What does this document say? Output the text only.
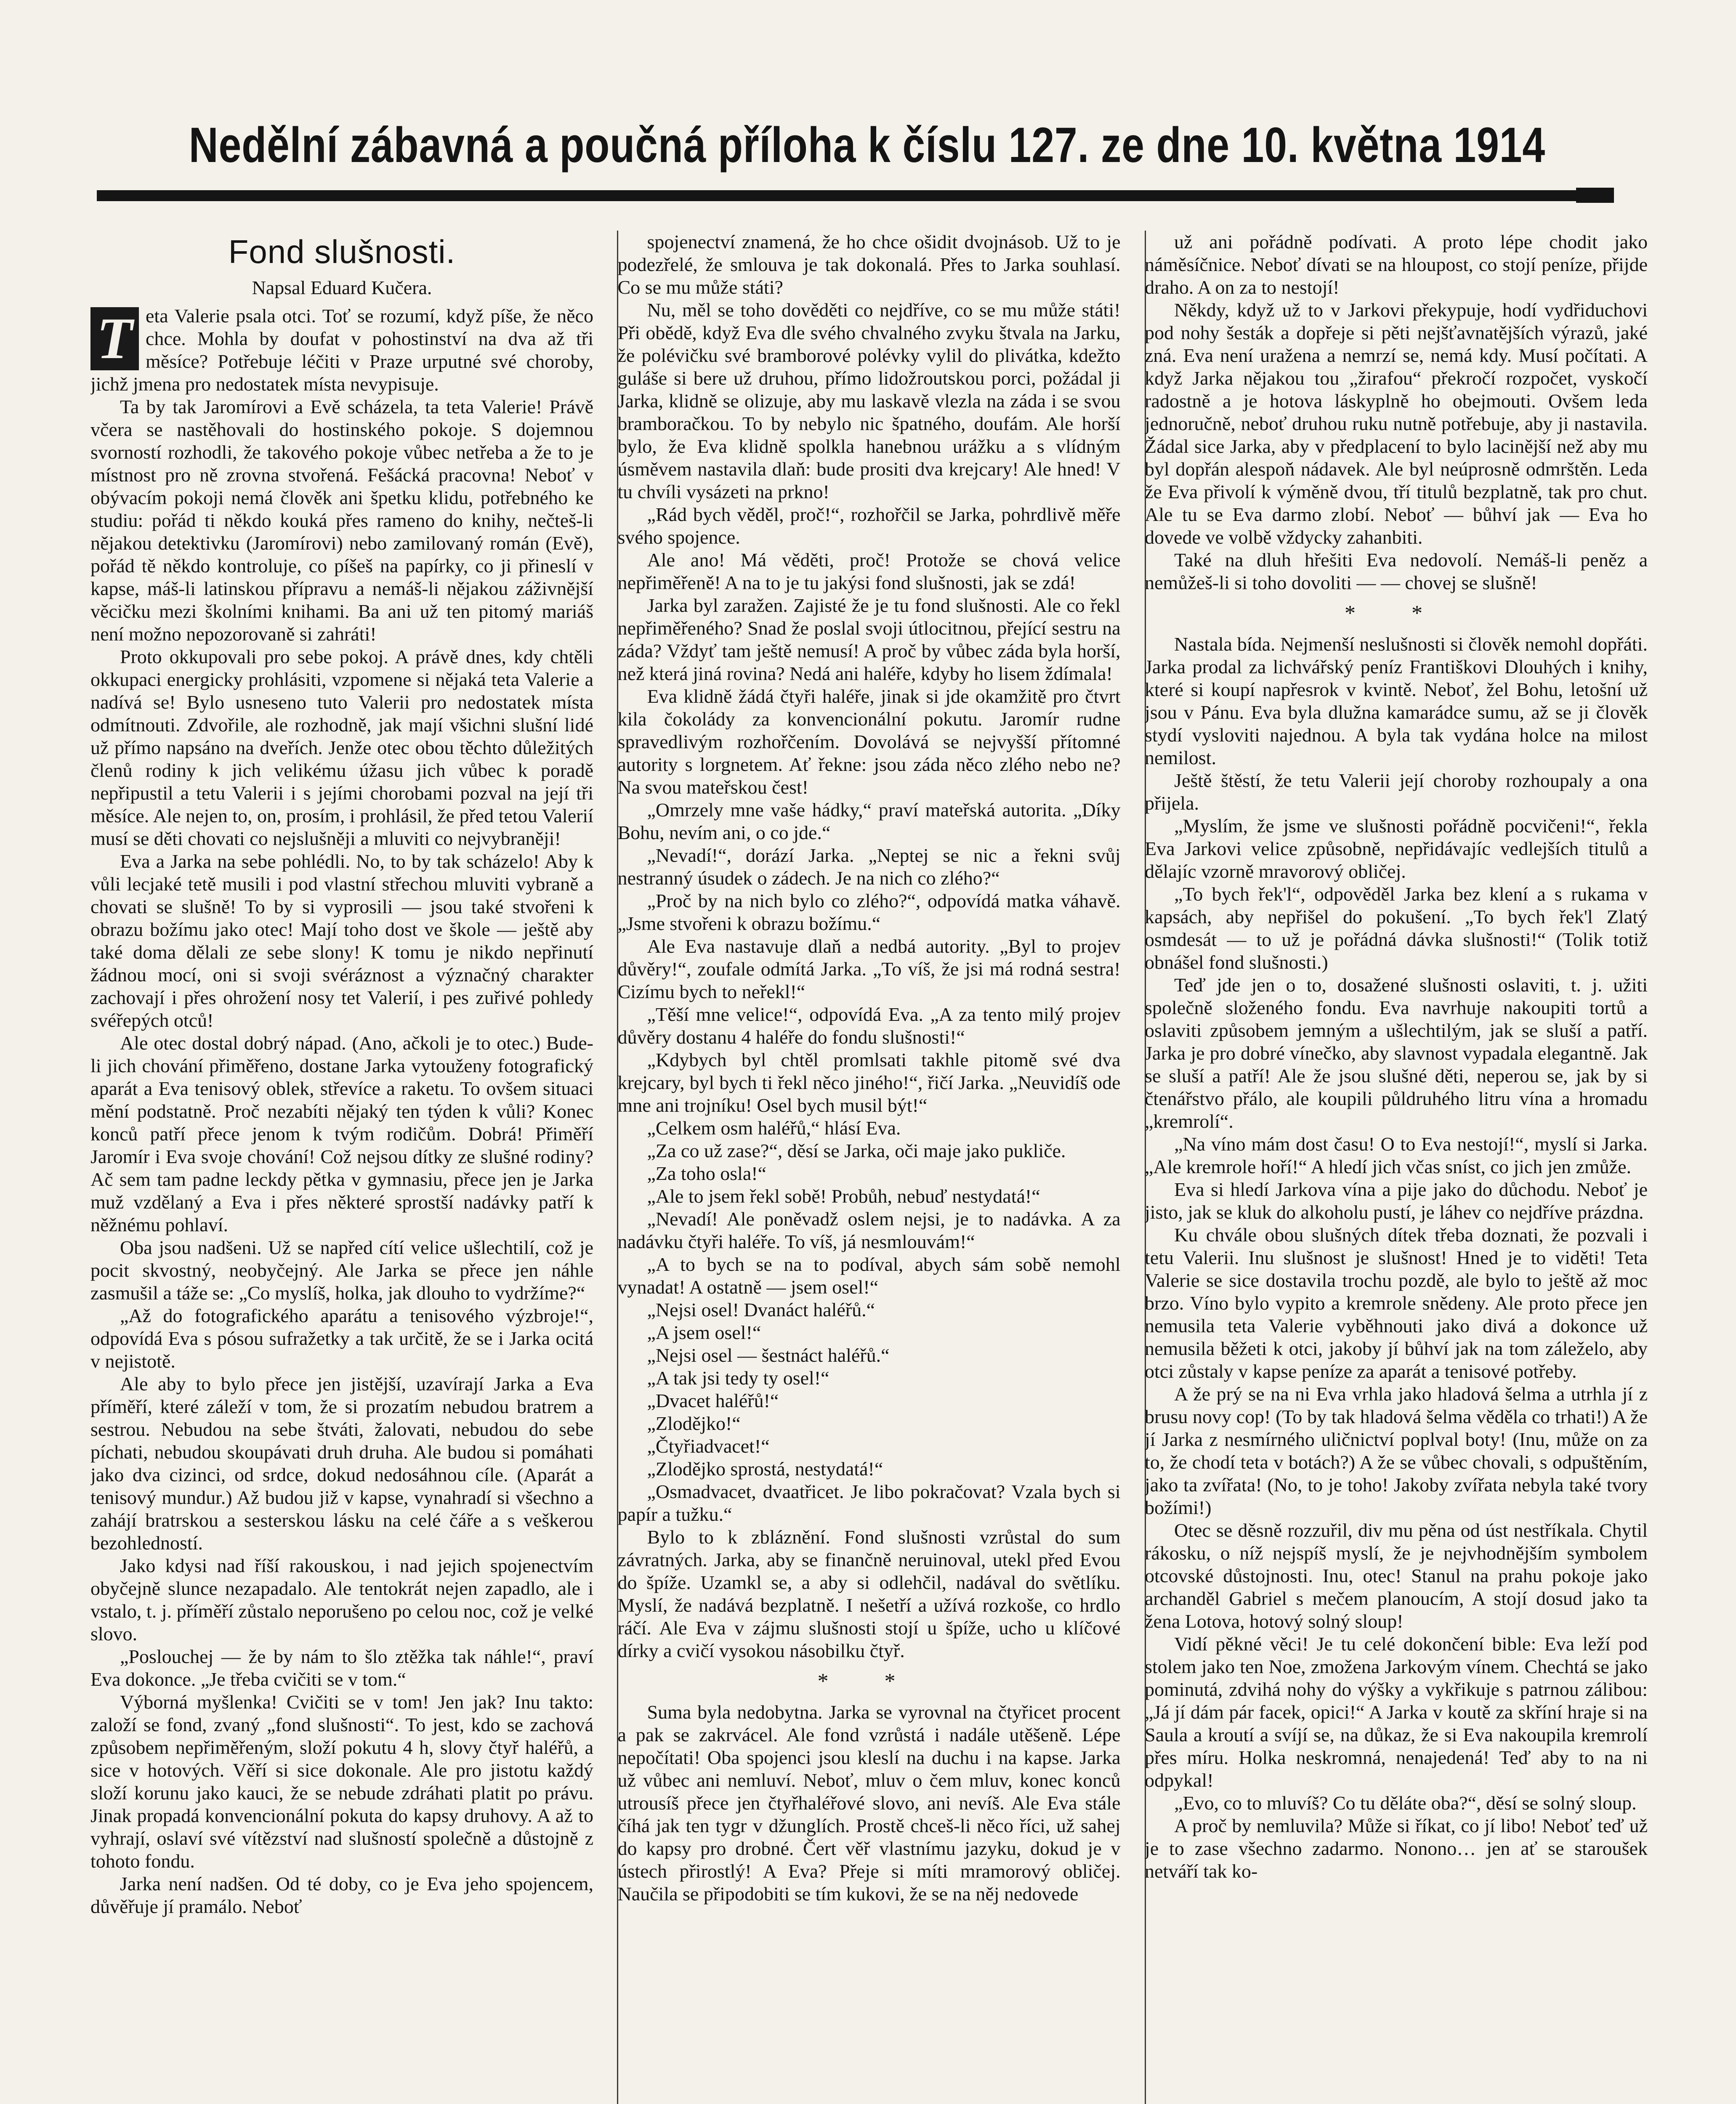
Nedělní zábavná a poučná příloha k číslu 127. ze dne 10. května 1914
Fond slušnosti.
Napsal Eduard Kučera.

T eta Valerie psala otci. Toť se rozumí, když píše, že něco chce. Mohla by doufat v pohostinství na dva až tři měsíce? Potřebuje léčiti v Praze urputné své choroby, jichž jmena pro nedostatek místa nevypisuje.

Ta by tak Jaromírovi a Evě scházela, ta teta Valerie! Právě včera se nastěhovali do hostinského pokoje. S dojemnou svorností rozhodli, že takového pokoje vůbec netřeba a že to je místnost pro ně zrovna stvořená. Fešácká pracovna! Neboť v obývacím pokoji nemá člověk ani špetku klidu, potřebného ke studiu: pořád ti někdo kouká přes rameno do knihy, nečteš-li nějakou detektivku (Jaromírovi) nebo zamilovaný román (Evě), pořád tě někdo kontroluje, co píšeš na papírky, co ji přineslí v kapse, máš-li latinskou přípravu a nemáš-li nějakou záživnější věcičku mezi školními knihami. Ba ani už ten pitomý mariáš není možno nepozorovaně si zahráti!

Proto okkupovali pro sebe pokoj. A právě dnes, kdy chtěli okkupaci energicky prohlásiti, vzpomene si nějaká teta Valerie a nadívá se! Bylo usneseno tuto Valerii pro nedostatek místa odmítnouti. Zdvořile, ale rozhodně, jak mají všichni slušní lidé už přímo napsáno na dveřích. Jenže otec obou těchto důležitých členů rodiny k jich velikému úžasu jich vůbec k poradě nepřipustil a tetu Valerii i s jejími chorobami pozval na její tři měsíce. Ale nejen to, on, prosím, i prohlásil, že před tetou Valerií musí se děti chovati co nejslušněji a mluviti co nejvybraněji!

Eva a Jarka na sebe pohlédli. No, to by tak scházelo! Aby k vůli lecjaké tetě musili i pod vlastní střechou mluviti vybraně a chovati se slušně! To by si vyprosili — jsou také stvořeni k obrazu božímu jako otec! Mají toho dost ve škole — ještě aby také doma dělali ze sebe slony! K tomu je nikdo nepřinutí žádnou mocí, oni si svoji svéráznost a význačný charakter zachovají i přes ohrožení nosy tet Valerií, i pes zuřivé pohledy svéřepých otců!

Ale otec dostal dobrý nápad. (Ano, ačkoli je to otec.) Bude-li jich chování přiměřeno, dostane Jarka vytouženy fotografický aparát a Eva tenisový oblek, střevíce a raketu. To ovšem situaci mění podstatně. Proč nezabíti nějaký ten týden k vůli? Konec konců patří přece jenom k tvým rodičům. Dobrá! Přiměří Jaromír i Eva svoje chování! Což nejsou dítky ze slušné rodiny? Ač sem tam padne leckdy pětka v gymnasiu, přece jen je Jarka muž vzdělaný a Eva i přes některé sprostší nadávky patří k něžnému pohlaví.

Oba jsou nadšeni. Už se napřed cítí velice ušlechtilí, což je pocit skvostný, neobyčejný. Ale Jarka se přece jen náhle zasmušil a táže se: „Co myslíš, holka, jak dlouho to vydržíme?“

„Až do fotografického aparátu a tenisového výzbroje!“, odpovídá Eva s pósou sufražetky a tak určitě, že se i Jarka ocitá v nejistotě.

Ale aby to bylo přece jen jistější, uzavírají Jarka a Eva příměří, které záleží v tom, že si prozatím nebudou bratrem a sestrou. Nebudou na sebe štváti, žalovati, nebudou do sebe píchati, nebudou skoupávati druh druha. Ale budou si pomáhati jako dva cizinci, od srdce, dokud nedosáhnou cíle. (Aparát a tenisový mundur.) Až budou již v kapse, vynahradí si všechno a zahájí bratrskou a sesterskou lásku na celé čáře a s veškerou bezohledností.

Jako kdysi nad říší rakouskou, i nad jejich spojenectvím obyčejně slunce nezapadalo. Ale tentokrát nejen zapadlo, ale i vstalo, t. j. příměří zůstalo neporušeno po celou noc, což je velké slovo.

„Poslouchej — že by nám to šlo ztěžka tak náhle!“, praví Eva dokonce. „Je třeba cvičiti se v tom.“

Výborná myšlenka! Cvičiti se v tom! Jen jak? Inu takto: založí se fond, zvaný „fond slušnosti“. To jest, kdo se zachová způsobem nepřiměřeným, složí pokutu 4 h, slovy čtyř haléřů, a sice v hotových. Věří si sice dokonale. Ale pro jistotu každý složí korunu jako kauci, že se nebude zdráhati platit po právu. Jinak propadá konvencionální pokuta do kapsy druhovy. A až to vyhrají, oslaví své vítězství nad slušností společně a důstojně z tohoto fondu.

Jarka není nadšen. Od té doby, co je Eva jeho spojencem, důvěřuje jí pramálo. Neboť

spojenectví znamená, že ho chce ošidit dvojnásob. Už to je podezřelé, že smlouva je tak dokonalá. Přes to Jarka souhlasí. Co se mu může státi?

Nu, měl se toho dověděti co nejdříve, co se mu může státi! Při obědě, když Eva dle svého chvalného zvyku štvala na Jarku, že polévičku své bramborové polévky vylil do plivátka, kdežto guláše si bere už druhou, přímo lidožroutskou porci, požádal ji Jarka, klidně se olizuje, aby mu laskavě vlezla na záda i se svou bramboračkou. To by nebylo nic špatného, doufám. Ale horší bylo, že Eva klidně spolkla hanebnou urážku a s vlídným úsměvem nastavila dlaň: bude prositi dva krejcary! Ale hned! V tu chvíli vysázeti na prkno!

„Rád bych věděl, proč!“, rozhořčil se Jarka, pohrdlivě měře svého spojence.

Ale ano! Má věděti, proč! Protože se chová velice nepřiměřeně! A na to je tu jakýsi fond slušnosti, jak se zdá!

Jarka byl zaražen. Zajisté že je tu fond slušnosti. Ale co řekl nepřiměřeného? Snad že poslal svoji útlocitnou, přející sestru na záda? Vždyť tam ještě nemusí! A proč by vůbec záda byla horší, než která jiná rovina? Nedá ani haléře, kdyby ho lisem ždímala!

Eva klidně žádá čtyři haléře, jinak si jde okamžitě pro čtvrt kila čokolády za konvencionální pokutu. Jaromír rudne spravedlivým rozhořčením. Dovolává se nejvyšší přítomné autority s lorgnetem. Ať řekne: jsou záda něco zlého nebo ne? Na svou mateřskou čest!

„Omrzely mne vaše hádky,“ praví mateřská autorita. „Díky Bohu, nevím ani, o co jde.“

„Nevadí!“, dorází Jarka. „Neptej se nic a řekni svůj nestranný úsudek o zádech. Je na nich co zlého?“

„Proč by na nich bylo co zlého?“, odpovídá matka váhavě. „Jsme stvořeni k obrazu božímu.“

Ale Eva nastavuje dlaň a nedbá autority. „Byl to projev důvěry!“, zoufale odmítá Jarka. „To víš, že jsi má rodná sestra! Cizímu bych to neřekl!“

„Těší mne velice!“, odpovídá Eva. „A za tento milý projev důvěry dostanu 4 haléře do fondu slušnosti!“

„Kdybych byl chtěl promlsati takhle pitomě své dva krejcary, byl bych ti řekl něco jiného!“, řičí Jarka. „Neuvidíš ode mne ani trojníku! Osel bych musil být!“

„Celkem osm haléřů,“ hlásí Eva.

„Za co už zase?“, děsí se Jarka, oči maje jako pukliče.

„Za toho osla!“

„Ale to jsem řekl sobě! Probůh, nebuď nestydatá!“

„Nevadí! Ale poněvadž oslem nejsi, je to nadávka. A za nadávku čtyři haléře. To víš, já nesmlouvám!“

„A to bych se na to podíval, abych sám sobě nemohl vynadat! A ostatně — jsem osel!“

„Nejsi osel! Dvanáct haléřů.“

„A jsem osel!“

„Nejsi osel — šestnáct haléřů.“

„A tak jsi tedy ty osel!“

„Dvacet haléřů!“

„Zlodějko!“

„Čtyřiadvacet!“

„Zlodějko sprostá, nestydatá!“

„Osmadvacet, dvaatřicet. Je libo pokračovat? Vzala bych si papír a tužku.“

Bylo to k zbláznění. Fond slušnosti vzrůstal do sum závratných. Jarka, aby se finančně neruinoval, utekl před Evou do špíže. Uzamkl se, a aby si odlehčil, nadával do světlíku. Myslí, že nadává bezplatně. I nešetří a užívá rozkoše, co hrdlo ráčí. Ale Eva v zájmu slušnosti stojí u špíže, ucho u klíčové dírky a cvičí vysokou násobilku čtyř.

* *

Suma byla nedobytna. Jarka se vyrovnal na čtyřicet procent a pak se zakrvácel. Ale fond vzrůstá i nadále utěšeně. Lépe nepočítati! Oba spojenci jsou kleslí na duchu i na kapse. Jarka už vůbec ani nemluví. Neboť, mluv o čem mluv, konec konců utrousíš přece jen čtyřhaléřové slovo, ani nevíš. Ale Eva stále číhá jak ten tygr v džunglích. Prostě chceš-li něco říci, už sahej do kapsy pro drobné. Čert věř vlastnímu jazyku, dokud je v ústech přirostlý! A Eva? Přeje si míti mramorový obličej. Naučila se připodobiti se tím kukovi, že se na něj nedovede

už ani pořádně podívati. A proto lépe chodit jako náměsíčnice. Neboť dívati se na hloupost, co stojí peníze, přijde draho. A on za to nestojí!

Někdy, když už to v Jarkovi překypuje, hodí vydřiduchovi pod nohy šesták a dopřeje si pěti nejšťavnatějších výrazů, jaké zná. Eva není uražena a nemrzí se, nemá kdy. Musí počítati. A když Jarka nějakou tou „žirafou“ překročí rozpočet, vyskočí radostně a je hotova láskyplně ho obejmouti. Ovšem leda jednoručně, neboť druhou ruku nutně potřebuje, aby ji nastavila. Žádal sice Jarka, aby v předplacení to bylo lacinější než aby mu byl dopřán alespoň nádavek. Ale byl neúprosně odmrštěn. Leda že Eva přivolí k výměně dvou, tří titulů bezplatně, tak pro chut. Ale tu se Eva darmo zlobí. Neboť — bůhví jak — Eva ho dovede ve volbě vždycky zahanbiti.

Také na dluh hřešiti Eva nedovolí. Nemáš-li peněz a nemůžeš-li si toho dovoliti — — chovej se slušně!

* *

Nastala bída. Nejmenší neslušnosti si člověk nemohl dopřáti. Jarka prodal za lichvářský peníz Františkovi Dlouhých i knihy, které si koupí napřesrok v kvintě. Neboť, žel Bohu, letošní už jsou v Pánu. Eva byla dlužna kamarádce sumu, až se ji člověk stydí vysloviti najednou. A byla tak vydána holce na milost nemilost.

Ještě štěstí, že tetu Valerii její choroby rozhoupaly a ona přijela.

„Myslím, že jsme ve slušnosti pořádně pocvičeni!“, řekla Eva Jarkovi velice způsobně, nepřidávajíc vedlejších titulů a dělajíc vzorně mravorový obličej.

„To bych řek'l“, odpověděl Jarka bez klení a s rukama v kapsách, aby nepřišel do pokušení. „To bych řek'l Zlatý osmdesát — to už je pořádná dávka slušnosti!“ (Tolik totiž obnášel fond slušnosti.)

Teď jde jen o to, dosažené slušnosti oslaviti, t. j. užiti společně složeného fondu. Eva navrhuje nakoupiti tortů a oslaviti způsobem jemným a ušlechtilým, jak se sluší a patří. Jarka je pro dobré vínečko, aby slavnost vypadala elegantně. Jak se sluší a patří! Ale že jsou slušné děti, neperou se, jak by si čtenářstvo přálo, ale koupili půldruhého litru vína a hromadu „kremrolí“.

„Na víno mám dost času! O to Eva nestojí!“, myslí si Jarka. „Ale kremrole hoří!“ A hledí jich včas sníst, co jich jen zmůže.

Eva si hledí Jarkova vína a pije jako do důchodu. Neboť je jisto, jak se kluk do alkoholu pustí, je láhev co nejdříve prázdna.

Ku chvále obou slušných dítek třeba doznati, že pozvali i tetu Valerii. Inu slušnost je slušnost! Hned je to viděti! Teta Valerie se sice dostavila trochu pozdě, ale bylo to ještě až moc brzo. Víno bylo vypito a kremrole snědeny. Ale proto přece jen nemusila teta Valerie vyběhnouti jako divá a dokonce už nemusila běžeti k otci, jakoby jí bůhví jak na tom záleželo, aby otci zůstaly v kapse peníze za aparát a tenisové potřeby.

A že prý se na ni Eva vrhla jako hladová šelma a utrhla jí z brusu novy cop! (To by tak hladová šelma věděla co trhati!) A že jí Jarka z nesmírného uličnictví poplval boty! (Inu, může on za to, že chodí teta v botách?) A že se vůbec chovali, s odpuštěním, jako ta zvířata! (No, to je toho! Jakoby zvířata nebyla také tvory božími!)

Otec se děsně rozzuřil, div mu pěna od úst nestříkala. Chytil rákosku, o níž nejspíš myslí, že je nejvhodnějším symbolem otcovské důstojnosti. Inu, otec! Stanul na prahu pokoje jako archanděl Gabriel s mečem planoucím, A stojí dosud jako ta žena Lotova, hotový solný sloup!

Vidí pěkné věci! Je tu celé dokončení bible: Eva leží pod stolem jako ten Noe, zmožena Jarkovým vínem. Chechtá se jako pominutá, zdvihá nohy do výšky a vykřikuje s patrnou zálibou: „Já jí dám pár facek, opici!“ A Jarka v koutě za skříní hraje si na Saula a kroutí a svíjí se, na důkaz, že si Eva nakoupila kremrolí přes míru. Holka neskromná, nenajedená! Teď aby to na ni odpykal!

„Evo, co to mluvíš? Co tu děláte oba?“, děsí se solný sloup.

A proč by nemluvila? Může si říkat, co jí libo! Neboť teď už je to zase všechno zadarmo. Nonono… jen ať se staroušek netváří tak ko-
